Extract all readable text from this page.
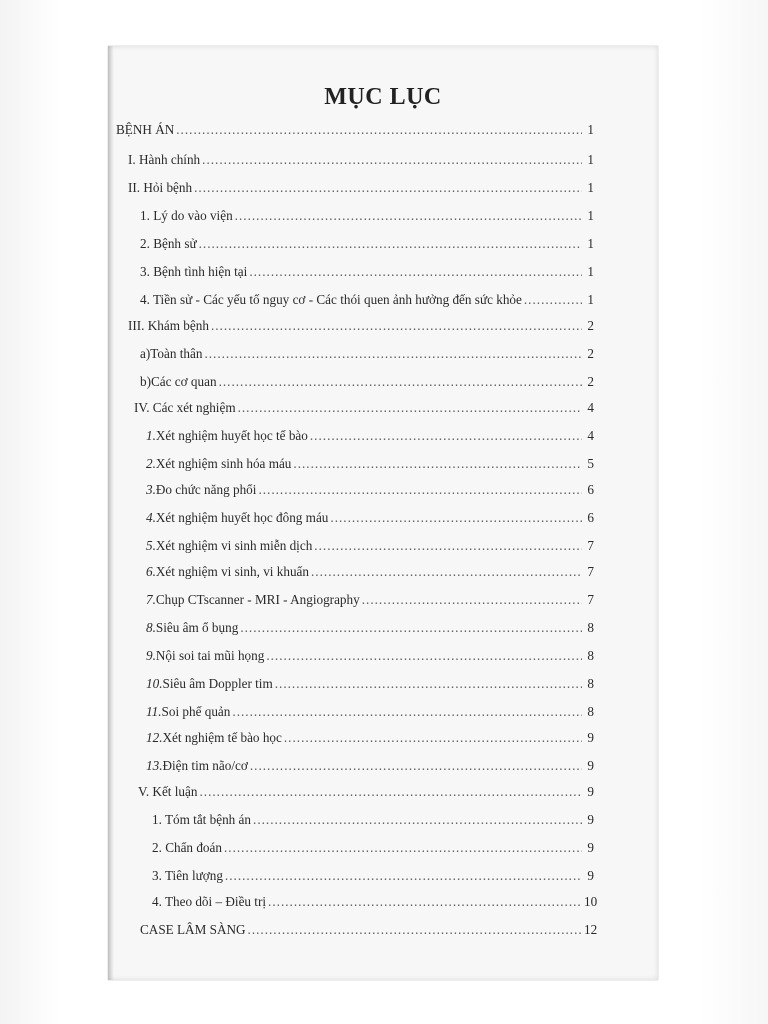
MỤC LỤC
BỆNH ÁN .....	1
I. Hành chính .....	1
II. Hỏi bệnh .....	1
1. Lý do vào viện .....	1
2. Bệnh sử .....	1
3. Bệnh tình hiện tại .....	1
4. Tiền sử - Các yếu tố nguy cơ - Các thói quen ảnh hưởng đến sức khỏe .....	1
III. Khám bệnh .....	2
a) Toàn thân .....	2
b) Các cơ quan .....	2
IV. Các xét nghiệm .....	4
1. Xét nghiệm huyết học tế bào .....	4
2. Xét nghiệm sinh hóa máu .....	5
3. Đo chức năng phổi .....	6
4. Xét nghiệm huyết học đông máu .....	6
5. Xét nghiệm vi sinh miễn dịch .....	7
6. Xét nghiệm vi sinh, vi khuẩn .....	7
7. Chụp CTscanner - MRI - Angiography .....	7
8. Siêu âm ổ bụng .....	8
9. Nội soi tai mũi họng .....	8
10. Siêu âm Doppler tim .....	8
11. Soi phế quản .....	8
12. Xét nghiệm tế bào học .....	9
13. Điện tim não/cơ .....	9
V. Kết luận .....	9
1. Tóm tắt bệnh án .....	9
2. Chẩn đoán .....	9
3. Tiên lượng .....	9
4. Theo dõi – Điều trị .....	10
CASE LÂM SÀNG .....	12
